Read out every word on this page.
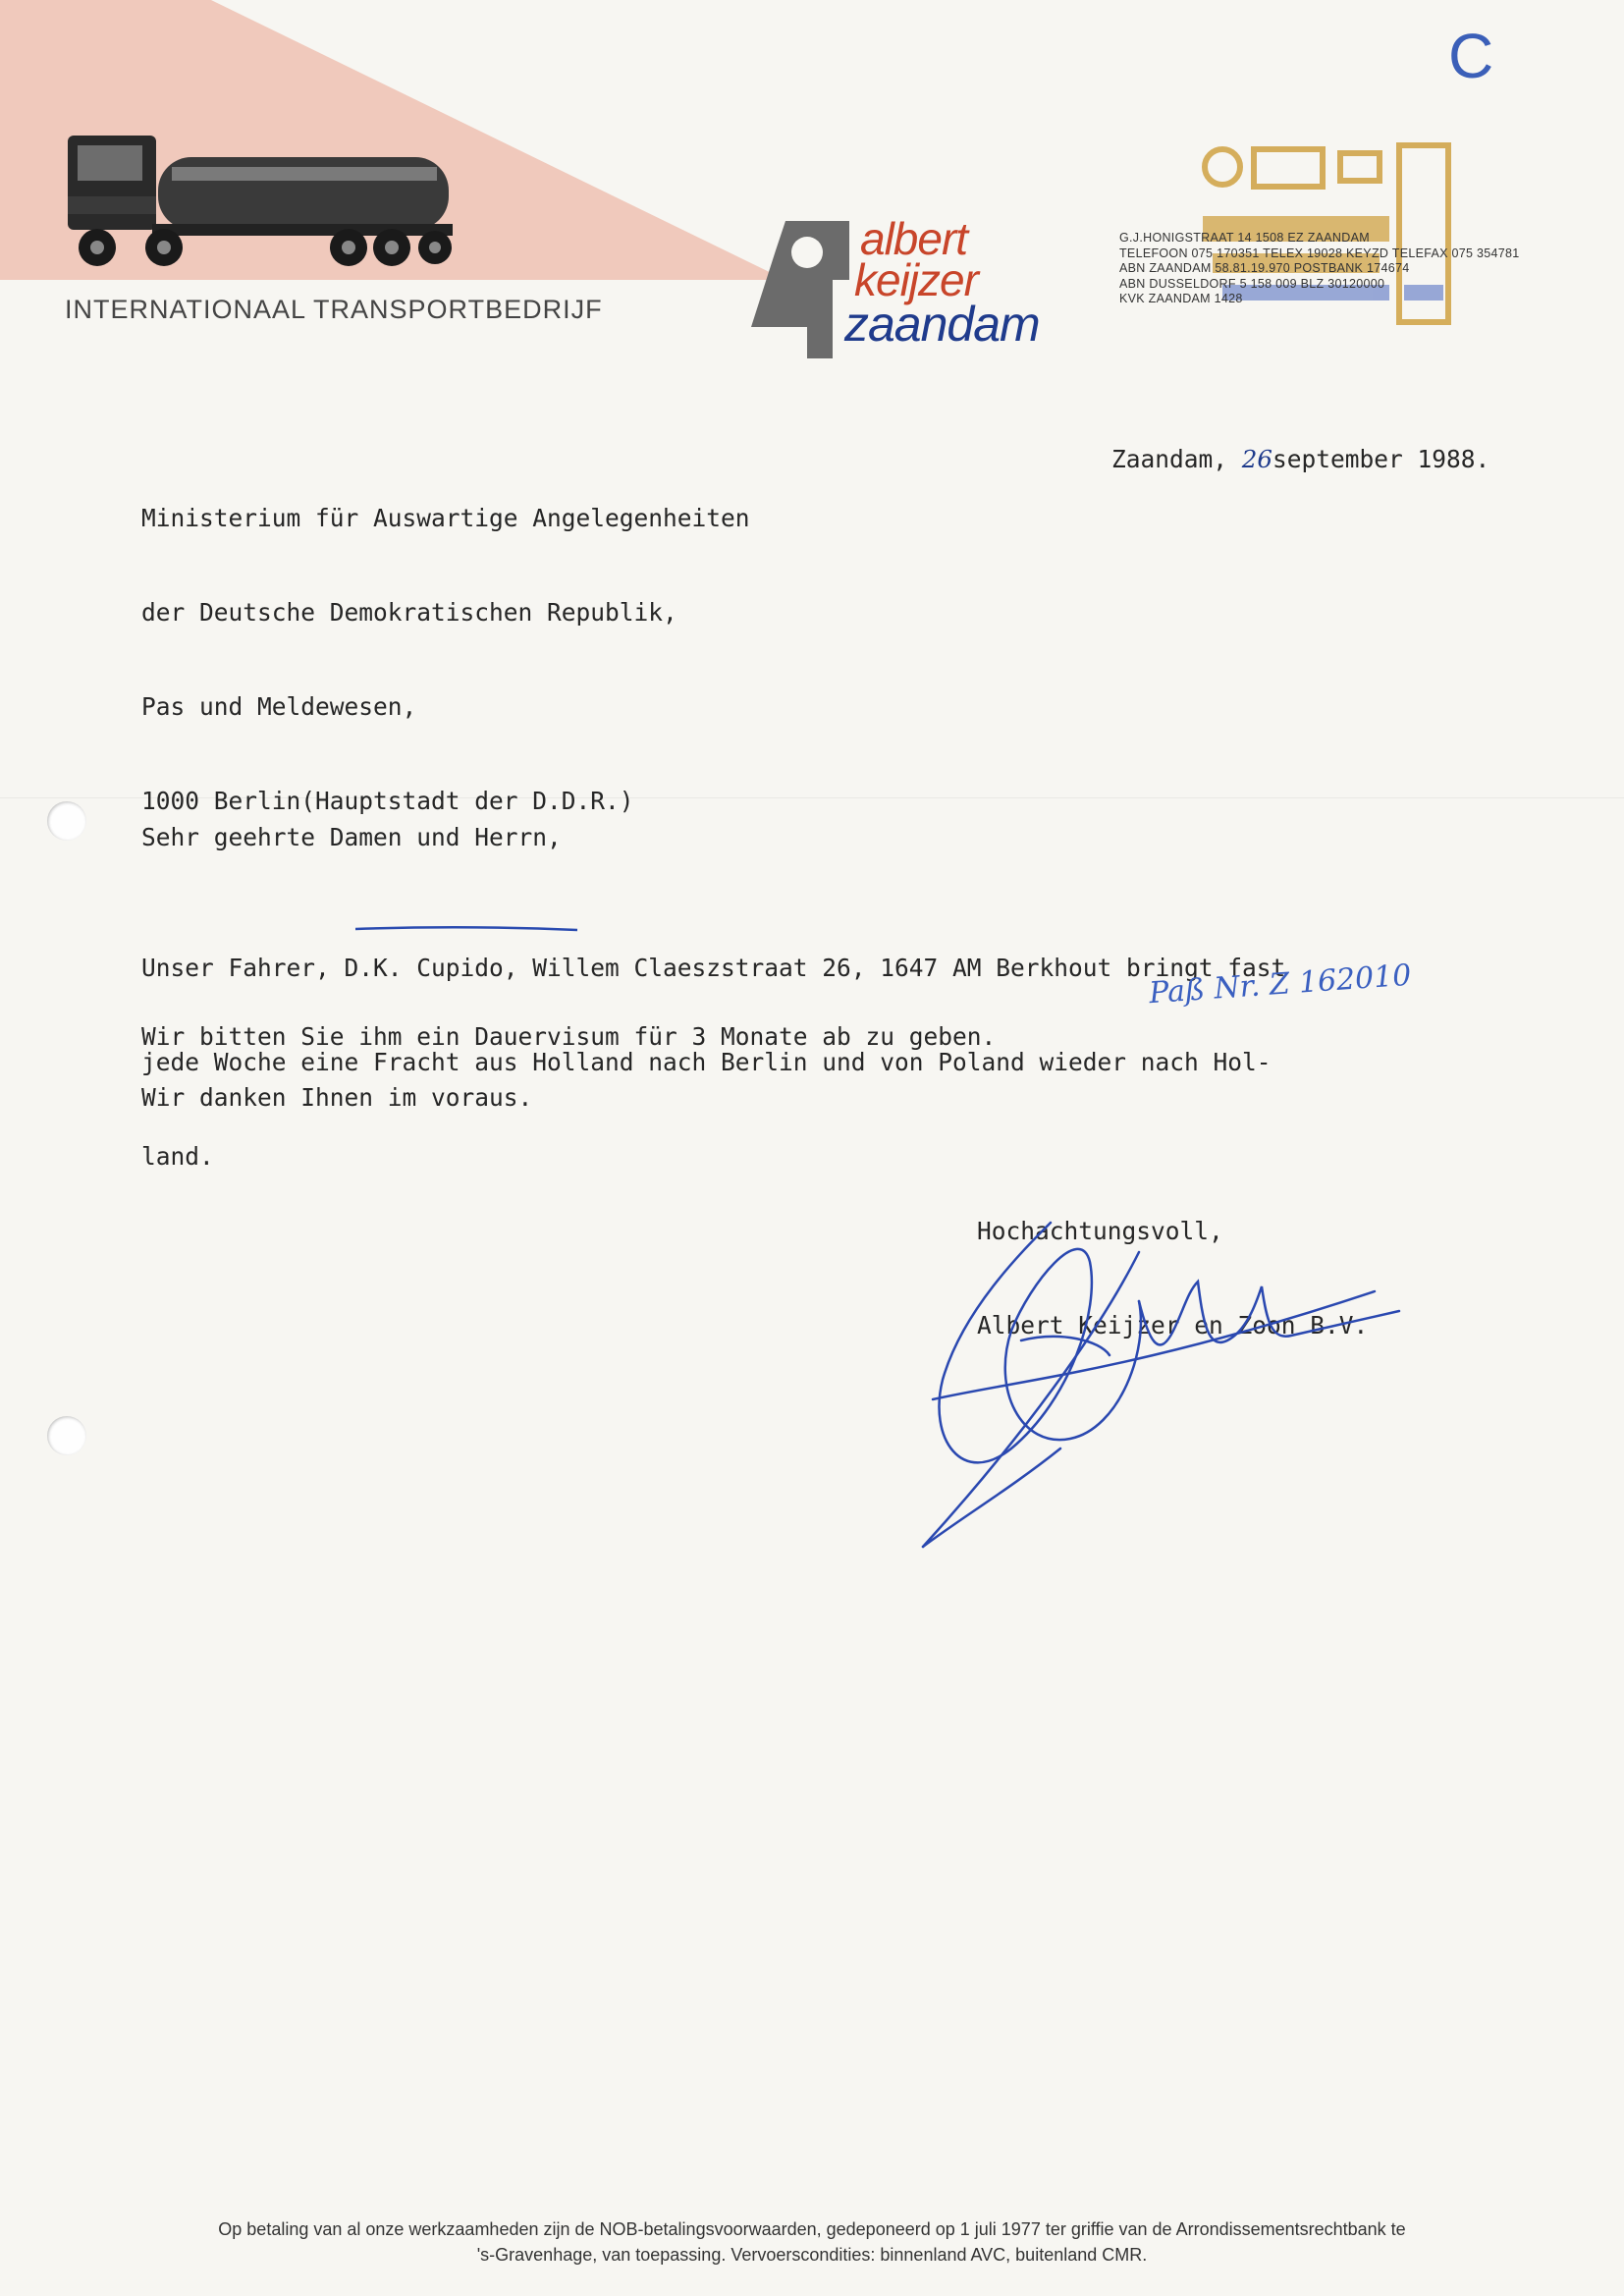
INTERNATIONAAL TRANSPORTBEDRIJF
albert
keijzer
zaandam
G.J.HONIGSTRAAT 14 1508 EZ ZAANDAM
TELEFOON 075 170351 TELEX 19028 KEYZD TELEFAX 075 354781
ABN ZAANDAM 58.81.19.970 POSTBANK 174674
ABN DUSSELDORF 5 158 009 BLZ 30120000
KVK ZAANDAM 1428
C

Ministerium für Auswartige Angelegenheiten

der Deutsche Demokratischen Republik,

Pas und Meldewesen,

1000 Berlin(Hauptstadt der D.D.R.)

Zaandam, 26september 1988.
Sehr geehrte Damen und Herrn,

Unser Fahrer, D.K. Cupido, Willem Claeszstraat 26, 1647 AM Berkhout bringt fast

jede Woche eine Fracht aus Holland nach Berlin und von Poland wieder nach Hol-

land.

Paß Nr. Z 162010
Wir bitten Sie ihm ein Dauervisum für 3 Monate ab zu geben.
Wir danken Ihnen im voraus.

Hochachtungsvoll,

Albert Keijzer en Zoon B.V.

Op betaling van al onze werkzaamheden zijn de NOB-betalingsvoorwaarden, gedeponeerd op 1 juli 1977 ter griffie van de Arrondissementsrechtbank te
's-Gravenhage, van toepassing. Vervoerscondities: binnenland AVC, buitenland CMR.
